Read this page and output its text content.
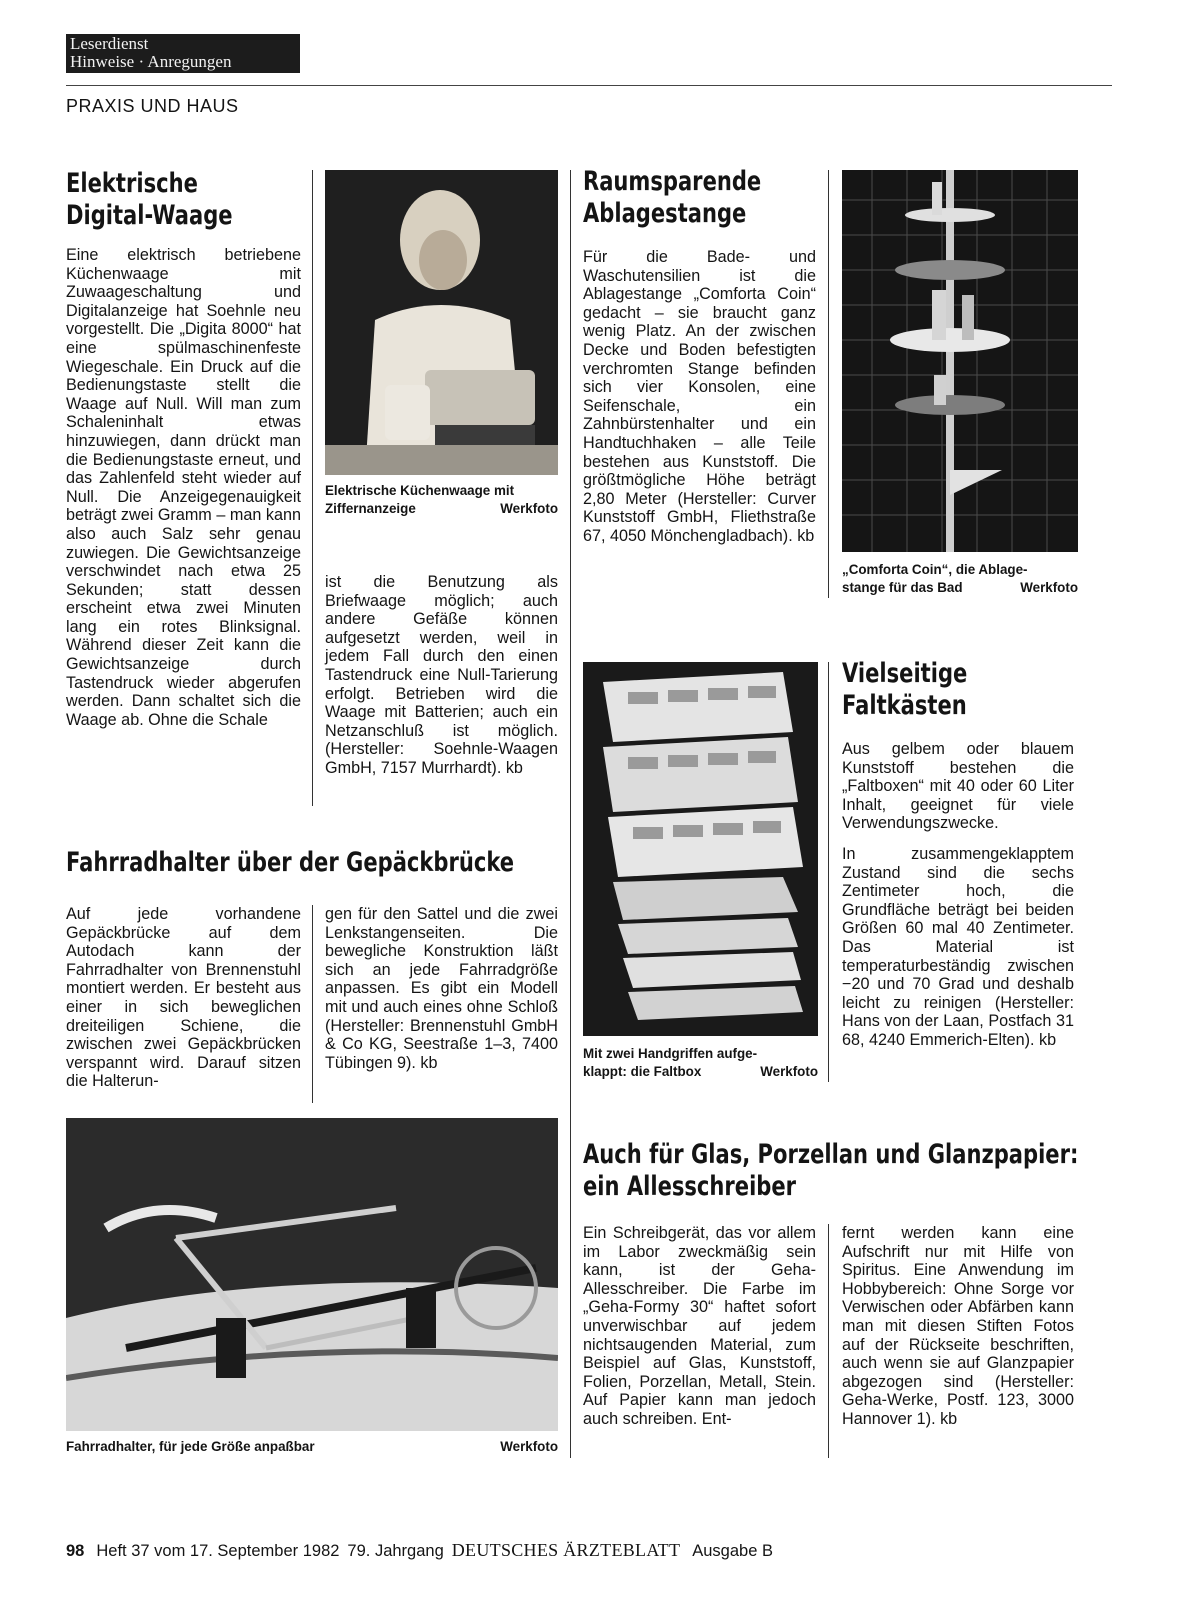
Leserdienst
Hinweise · Anregungen
PRAXIS UND HAUS
Elektrische
Digital-Waage

Eine elektrisch betriebene Küchenwaage mit Zuwaageschaltung und Digitalanzeige hat Soehnle neu vorgestellt. Die „Digita 8000“ hat eine spülmaschinenfeste Wiegeschale. Ein Druck auf die Bedienungstaste stellt die Waage auf Null. Will man zum Schaleninhalt etwas hinzuwiegen, dann drückt man die Bedienungstaste erneut, und das Zahlenfeld steht wieder auf Null. Die Anzeigegenauigkeit beträgt zwei Gramm – man kann also auch Salz sehr genau zuwiegen. Die Gewichtsanzeige verschwindet nach etwa 25 Sekunden; statt dessen erscheint etwa zwei Minuten lang ein rotes Blinksignal. Während dieser Zeit kann die Gewichtsanzeige durch Tastendruck wieder abgerufen werden. Dann schaltet sich die Waage ab. Ohne die Schale

Elektrische Küchenwaage mit
Ziffernanzeige	Werkfoto

ist die Benutzung als Briefwaage möglich; auch andere Gefäße können aufgesetzt werden, weil in jedem Fall durch den einen Tastendruck eine Null-Tarierung erfolgt. Betrieben wird die Waage mit Batterien; auch ein Netzanschluß ist möglich. (Hersteller: Soehnle-Waagen GmbH, 7157 Murrhardt). kb

Raumsparende
Ablagestange

Für die Bade- und Waschutensilien ist die Ablagestange „Comforta Coin“ gedacht – sie braucht ganz wenig Platz. An der zwischen Decke und Boden befestigten verchromten Stange befinden sich vier Konsolen, eine Seifenschale, ein Zahnbürstenhalter und ein Handtuchhaken – alle Teile bestehen aus Kunststoff. Die größtmögliche Höhe beträgt 2,80 Meter (Hersteller: Curver Kunststoff GmbH, Fliethstraße 67, 4050 Mönchengladbach). kb

„Comforta Coin“, die Ablage-
stange für das Bad	Werkfoto
Mit zwei Handgriffen aufge-
klappt: die Faltbox	Werkfoto
Vielseitige
Faltkästen

Aus gelbem oder blauem Kunststoff bestehen die „Faltboxen“ mit 40 oder 60 Liter Inhalt, geeignet für viele Verwendungszwecke.

In zusammengeklapptem Zustand sind die sechs Zentimeter hoch, die Grundfläche beträgt bei beiden Größen 60 mal 40 Zentimeter. Das Material ist temperaturbeständig zwischen −20 und 70 Grad und deshalb leicht zu reinigen (Hersteller: Hans von der Laan, Postfach 31 68, 4240 Emmerich-Elten). kb

Fahrradhalter über der Gepäckbrücke

Auf jede vorhandene Gepäckbrücke auf dem Autodach kann der Fahrradhalter von Brennenstuhl montiert werden. Er besteht aus einer in sich beweglichen dreiteiligen Schiene, die zwischen zwei Gepäckbrücken verspannt wird. Darauf sitzen die Halterun-

gen für den Sattel und die zwei Lenkstangenseiten. Die bewegliche Konstruktion läßt sich an jede Fahrradgröße anpassen. Es gibt ein Modell mit und auch eines ohne Schloß (Hersteller: Brennenstuhl GmbH & Co KG, Seestraße 1–3, 7400 Tübingen 9). kb

Fahrradhalter, für jede Größe anpaßbar	Werkfoto
Auch für Glas, Porzellan und Glanzpapier:
ein Allesschreiber

Ein Schreibgerät, das vor allem im Labor zweckmäßig sein kann, ist der Geha-Allesschreiber. Die Farbe im „Geha-Formy 30“ haftet sofort unverwischbar auf jedem nichtsaugenden Material, zum Beispiel auf Glas, Kunststoff, Folien, Porzellan, Metall, Stein. Auf Papier kann man jedoch auch schreiben. Ent-

fernt werden kann eine Aufschrift nur mit Hilfe von Spiritus. Eine Anwendung im Hobbybereich: Ohne Sorge vor Verwischen oder Abfärben kann man mit diesen Stiften Fotos auf der Rückseite beschriften, auch wenn sie auf Glanzpapier abgezogen sind (Hersteller: Geha-Werke, Postf. 123, 3000 Hannover 1). kb

98 Heft 37 vom 17. September 1982 79. Jahrgang DEUTSCHES ÄRZTEBLATT Ausgabe B
